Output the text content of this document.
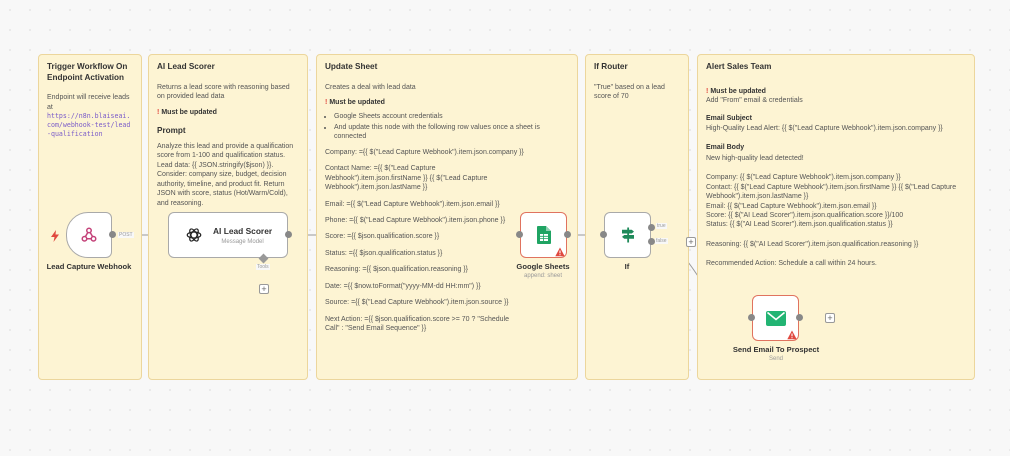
Trigger Workflow On Endpoint Activation

Endpoint will receive leads at

https://n8n.blaiseai.com/webhook-test/lead-qualification

AI Lead Scorer

Returns a lead score with reasoning based on provided lead data

! Must be updated

Prompt

Analyze this lead and provide a qualification score from 1-100 and qualification status. Lead data: {{ JSON.stringify($json) }}. Consider: company size, budget, decision authority, timeline, and product fit. Return JSON with score, status (Hot/Warm/Cold), and reasoning.

Update Sheet

Creates a deal with lead data

! Must be updated

• Google Sheets account credentials
• And update this node with the following row values once a sheet is connected
Company: ={{ $("Lead Capture Webhook").item.json.company }}
Contact Name: ={{ $("Lead Capture Webhook").item.json.firstName }} {{ $("Lead Capture Webhook").item.json.lastName }}
Email: ={{ $("Lead Capture Webhook").item.json.email }}
Phone: ={{ $("Lead Capture Webhook").item.json.phone }}
Score: ={{ $json.qualification.score }}
Status: ={{ $json.qualification.status }}
Reasoning: ={{ $json.qualification.reasoning }}
Date: ={{ $now.toFormat("yyyy-MM-dd HH:mm") }}
Source: ={{ $("Lead Capture Webhook").item.json.source }}
Next Action: ={{ $json.qualification.score >= 70 ? "Schedule Call" : "Send Email Sequence" }}
If Router

"True" based on a lead score of 70

Alert Sales Team
! Must be updated

Add "From" email & credentials

Email Subject

High-Quality Lead Alert: {{ $("Lead Capture Webhook").item.json.company }}

Email Body

New high-quality lead detected!

Company: {{ $("Lead Capture Webhook").item.json.company }}
Contact: {{ $("Lead Capture Webhook").item.json.firstName }} {{ $("Lead Capture Webhook").item.json.lastName }}
Email: {{ $("Lead Capture Webhook").item.json.email }}
Score: {{ $("AI Lead Scorer").item.json.qualification.score }}/100
Status: {{ $("AI Lead Scorer").item.json.qualification.status }}

Reasoning: {{ $("AI Lead Scorer").item.json.qualification.reasoning }}

Recommended Action: Schedule a call within 24 hours.

POST
Lead Capture Webhook
AI Lead Scorer
Message Model
Tools
+
Google Sheets
append: sheet
true
false +
If
+
Send Email To Prospect
Send
